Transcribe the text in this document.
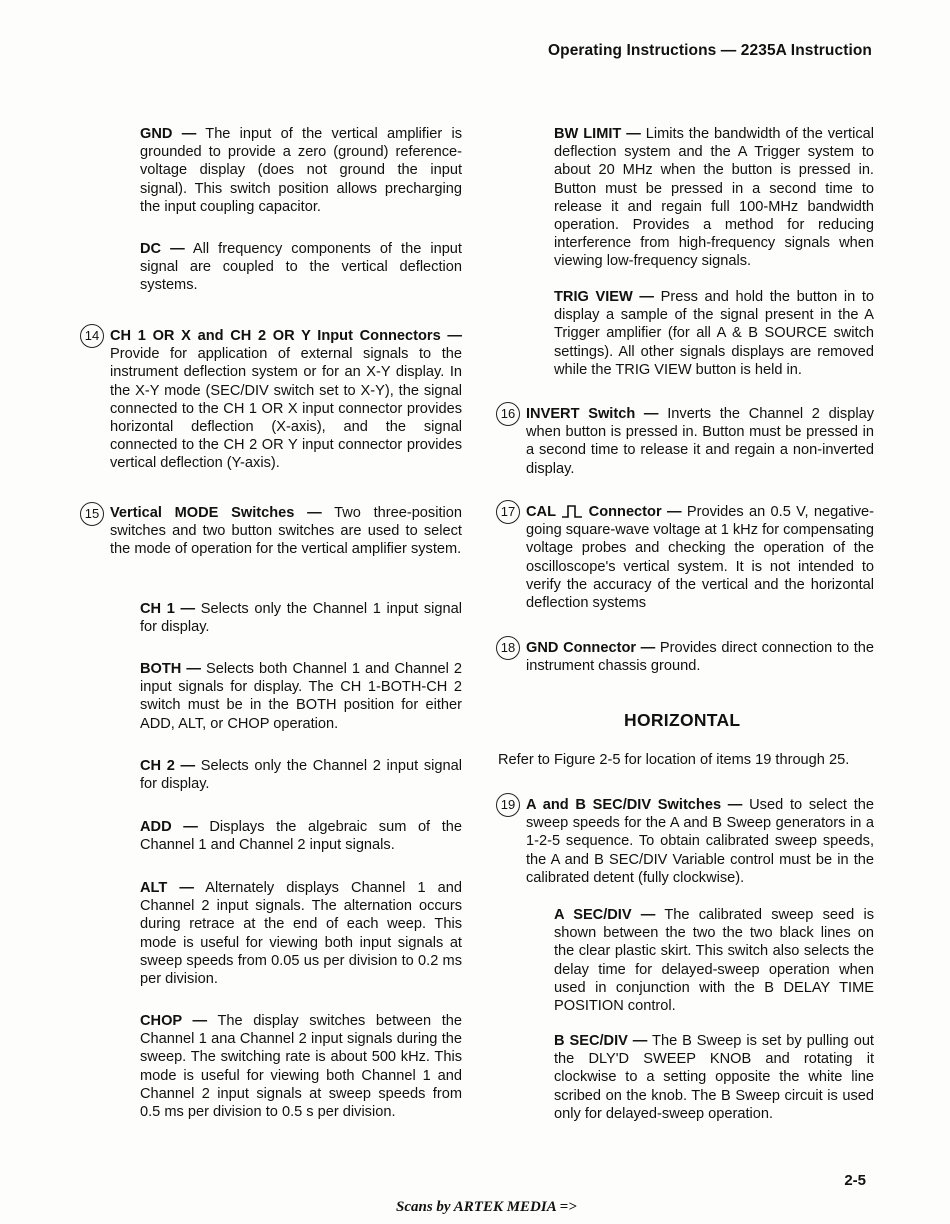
Operating Instructions — 2235A Instruction

GND — The input of the vertical amplifier is grounded to provide a zero (ground) reference-voltage display (does not ground the input signal). This switch position allows precharging the input coupling capacitor.

DC — All frequency components of the input signal are coupled to the vertical deflection systems.

14 CH 1 OR X and CH 2 OR Y Input Connectors — Provide for application of external signals to the instrument deflection system or for an X-Y display. In the X-Y mode (SEC/DIV switch set to X-Y), the signal connected to the CH 1 OR X input connector provides horizontal deflection (X-axis), and the signal connected to the CH 2 OR Y input connector provides vertical deflection (Y-axis).

15 Vertical MODE Switches — Two three-position switches and two button switches are used to select the mode of operation for the vertical amplifier system.

CH 1 — Selects only the Channel 1 input signal for display.

BOTH — Selects both Channel 1 and Channel 2 input signals for display. The CH 1-BOTH-CH 2 switch must be in the BOTH position for either ADD, ALT, or CHOP operation.

CH 2 — Selects only the Channel 2 input signal for display.

ADD — Displays the algebraic sum of the Channel 1 and Channel 2 input signals.

ALT — Alternately displays Channel 1 and Channel 2 input signals. The alternation occurs during retrace at the end of each weep. This mode is useful for viewing both input signals at sweep speeds from 0.05 us per division to 0.2 ms per division.

CHOP — The display switches between the Channel 1 ana Channel 2 input signals during the sweep. The switching rate is about 500 kHz. This mode is useful for viewing both Channel 1 and Channel 2 input signals at sweep speeds from 0.5 ms per division to 0.5 s per division.

BW LIMIT — Limits the bandwidth of the vertical deflection system and the A Trigger system to about 20 MHz when the button is pressed in. Button must be pressed in a second time to release it and regain full 100-MHz bandwidth operation. Provides a method for reducing interference from high-frequency signals when viewing low-frequency signals.

TRIG VIEW — Press and hold the button in to display a sample of the signal present in the A Trigger amplifier (for all A & B SOURCE switch settings). All other signals displays are removed while the TRIG VIEW button is held in.

16 INVERT Switch — Inverts the Channel 2 display when button is pressed in. Button must be pressed in a second time to release it and regain a non-inverted display.

17 CAL Connector — Provides an 0.5 V, negative-going square-wave voltage at 1 kHz for compensating voltage probes and checking the operation of the oscilloscope's vertical system. It is not intended to verify the accuracy of the vertical and the horizontal deflection systems

18 GND Connector — Provides direct connection to the instrument chassis ground.

Refer to Figure 2-5 for location of items 19 through 25.

19 A and B SEC/DIV Switches — Used to select the sweep speeds for the A and B Sweep generators in a 1-2-5 sequence. To obtain calibrated sweep speeds, the A and B SEC/DIV Variable control must be in the calibrated detent (fully clockwise).

A SEC/DIV — The calibrated sweep seed is shown between the two the two black lines on the clear plastic skirt. This switch also selects the delay time for delayed-sweep operation when used in conjunction with the B DELAY TIME POSITION control.

B SEC/DIV — The B Sweep is set by pulling out the DLY'D SWEEP KNOB and rotating it clockwise to a setting opposite the white line scribed on the knob. The B Sweep circuit is used only for delayed-sweep operation.

HORIZONTAL
2-5
Scans by ARTEK MEDIA =>
